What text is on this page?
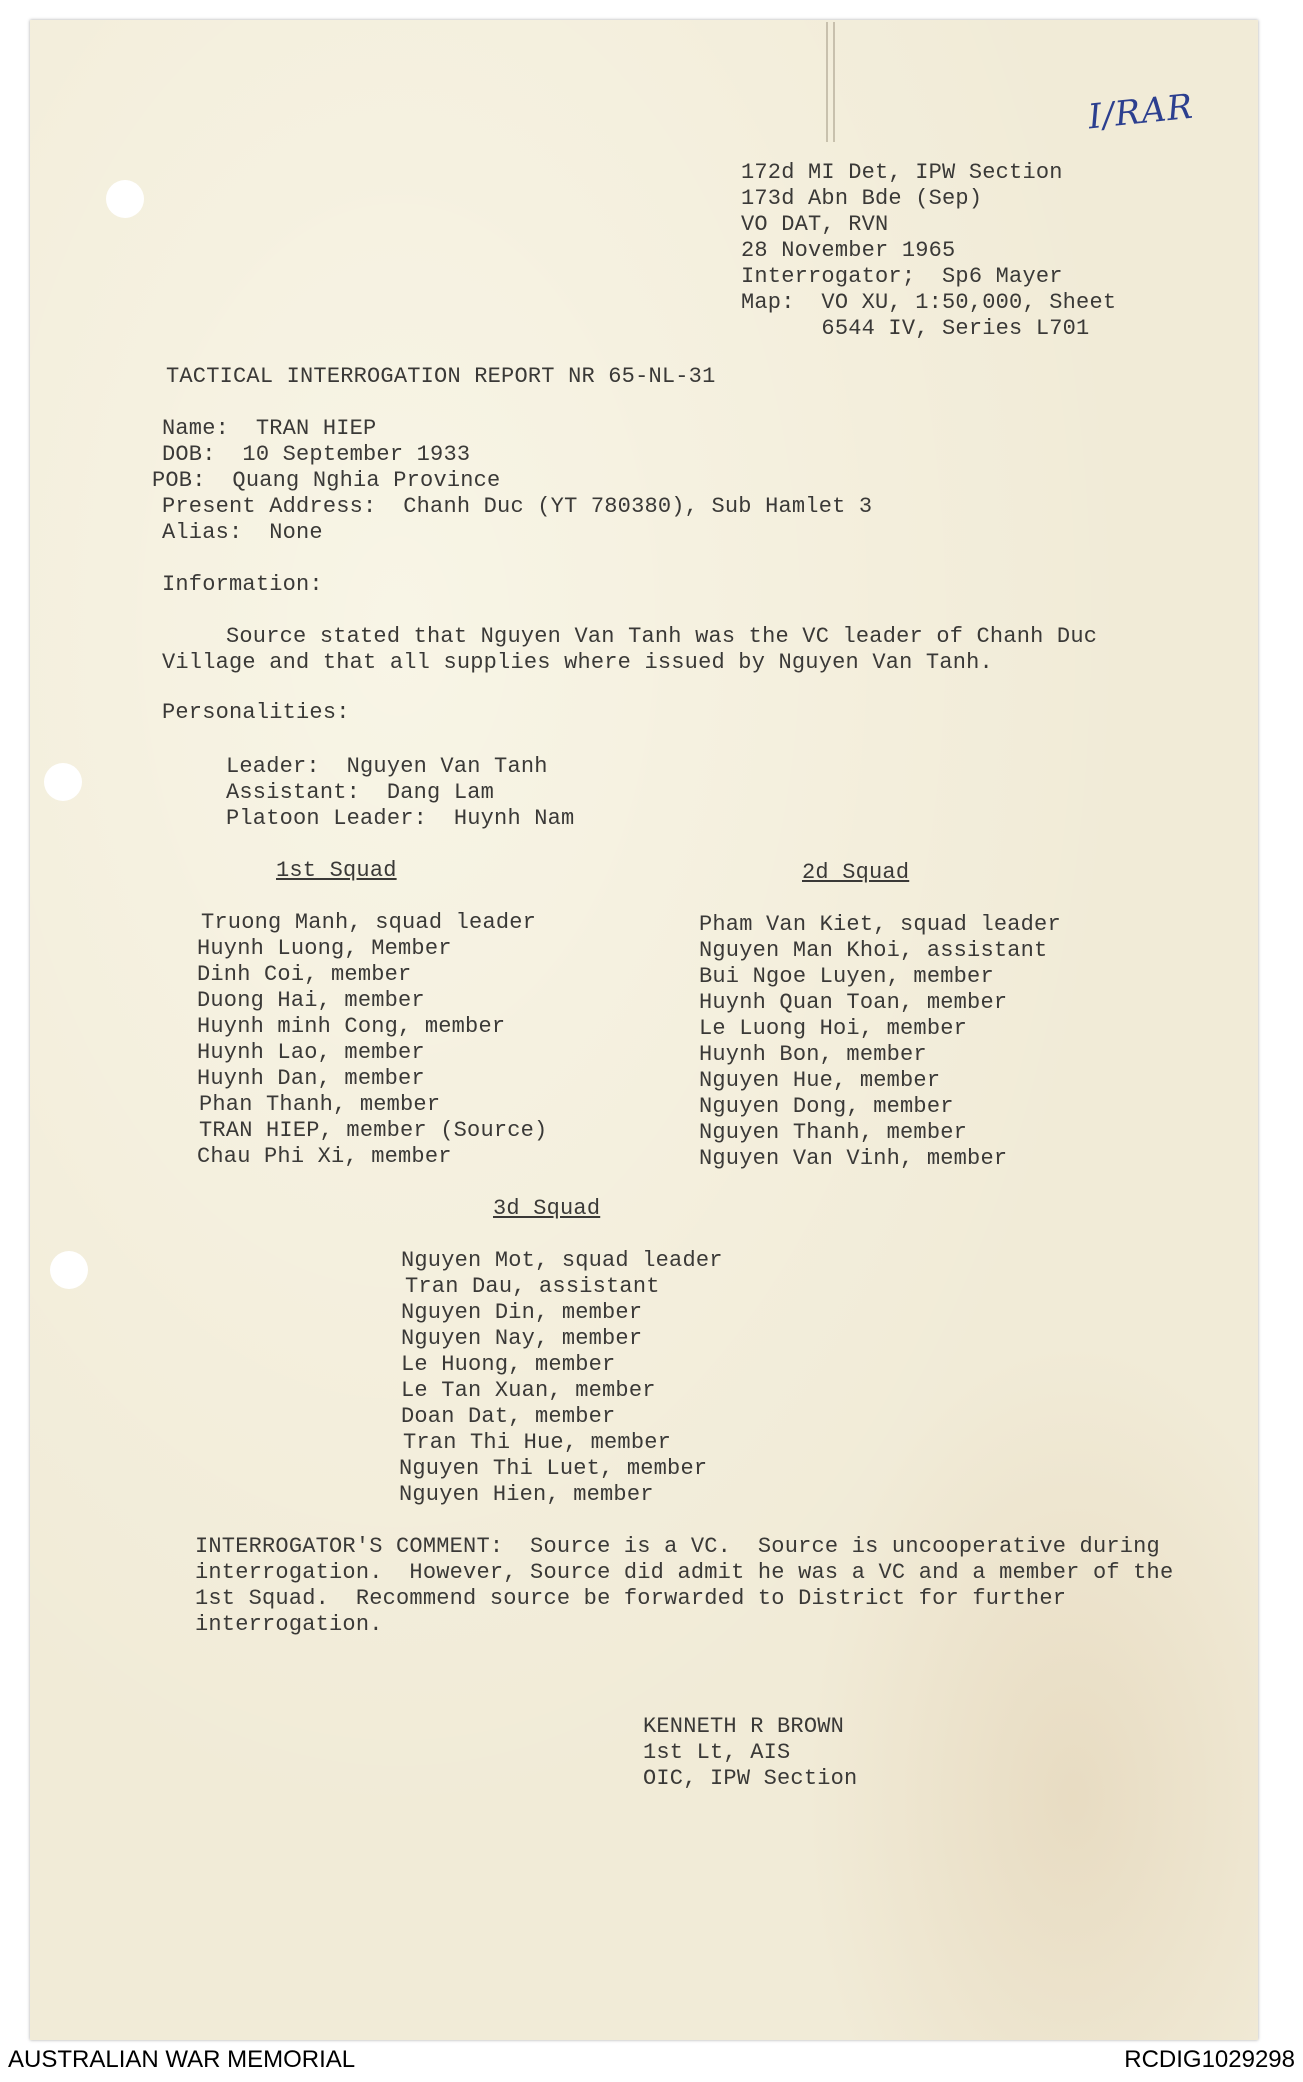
I/RAR
172d MI Det, IPW Section
173d Abn Bde (Sep)
VO DAT, RVN
28 November 1965
Interrogator;  Sp6 Mayer
Map:  VO XU, 1:50,000, Sheet
6544 IV, Series L701
TACTICAL INTERROGATION REPORT NR 65-NL-31
Name:  TRAN HIEP
DOB:  10 September 1933
POB:  Quang Nghia Province
Present Address:  Chanh Duc (YT 780380), Sub Hamlet 3
Alias:  None
Information:
Source stated that Nguyen Van Tanh was the VC leader of Chanh Duc
Village and that all supplies where issued by Nguyen Van Tanh.
Personalities:
Leader:  Nguyen Van Tanh
Assistant:  Dang Lam
Platoon Leader:  Huynh Nam
1st Squad
Truong Manh, squad leader
Huynh Luong, Member
Dinh Coi, member
Duong Hai, member
Huynh minh Cong, member
Huynh Lao, member
Huynh Dan, member
Phan Thanh, member
TRAN HIEP, member (Source)
Chau Phi Xi, member
2d Squad
Pham Van Kiet, squad leader
Nguyen Man Khoi, assistant
Bui Ngoe Luyen, member
Huynh Quan Toan, member
Le Luong Hoi, member
Huynh Bon, member
Nguyen Hue, member
Nguyen Dong, member
Nguyen Thanh, member
Nguyen Van Vinh, member
3d Squad
Nguyen Mot, squad leader
Tran Dau, assistant
Nguyen Din, member
Nguyen Nay, member
Le Huong, member
Le Tan Xuan, member
Doan Dat, member
Tran Thi Hue, member
Nguyen Thi Luet, member
Nguyen Hien, member
INTERROGATOR'S COMMENT:  Source is a VC.  Source is uncooperative during
interrogation.  However, Source did admit he was a VC and a member of the
1st Squad.  Recommend source be forwarded to District for further
interrogation.
KENNETH R BROWN
1st Lt, AIS
OIC, IPW Section
AUSTRALIAN WAR MEMORIAL	RCDIG1029298
